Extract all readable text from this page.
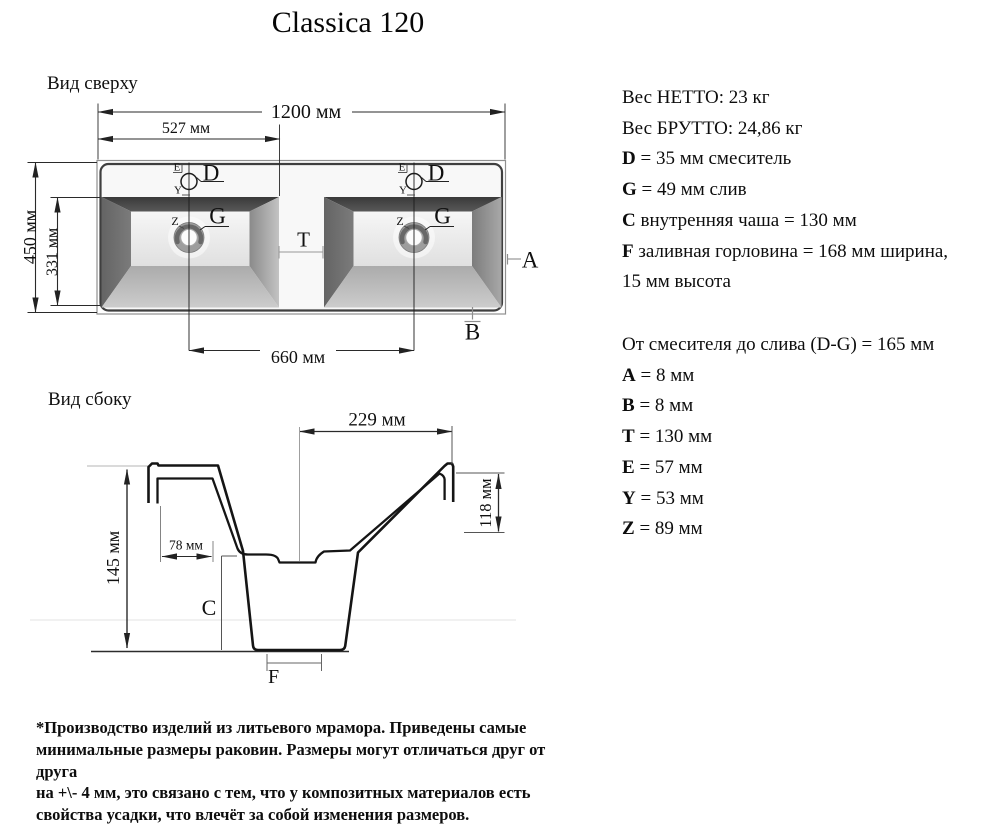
Classica 120
Вид сверху
Вид сбоку
1200 мм
527 мм
660 мм
450 мм 331 мм
D	D
G	G
E	E
Y	Y
Z	Z
T
A
B
229 мм
78 мм
145 мм
118 мм
C
F
Вес НЕТТО: 23 кг
Вес БРУТТО: 24,86 кг
D = 35 мм смеситель
G = 49 мм слив
C внутренняя чаша = 130 мм
F заливная горловина = 168 мм ширина,
15 мм высота
От смесителя до слива (D-G) = 165 мм
A = 8 мм
B = 8 мм
T = 130 мм
E = 57 мм
Y = 53 мм
Z = 89 мм
*Производство изделий из литьевого мрамора. Приведены самые
минимальные размеры раковин. Размеры могут отличаться друг от друга
на +\- 4 мм, это связано с тем, что у композитных материалов есть
свойства усадки, что влечёт за собой изменения размеров.
